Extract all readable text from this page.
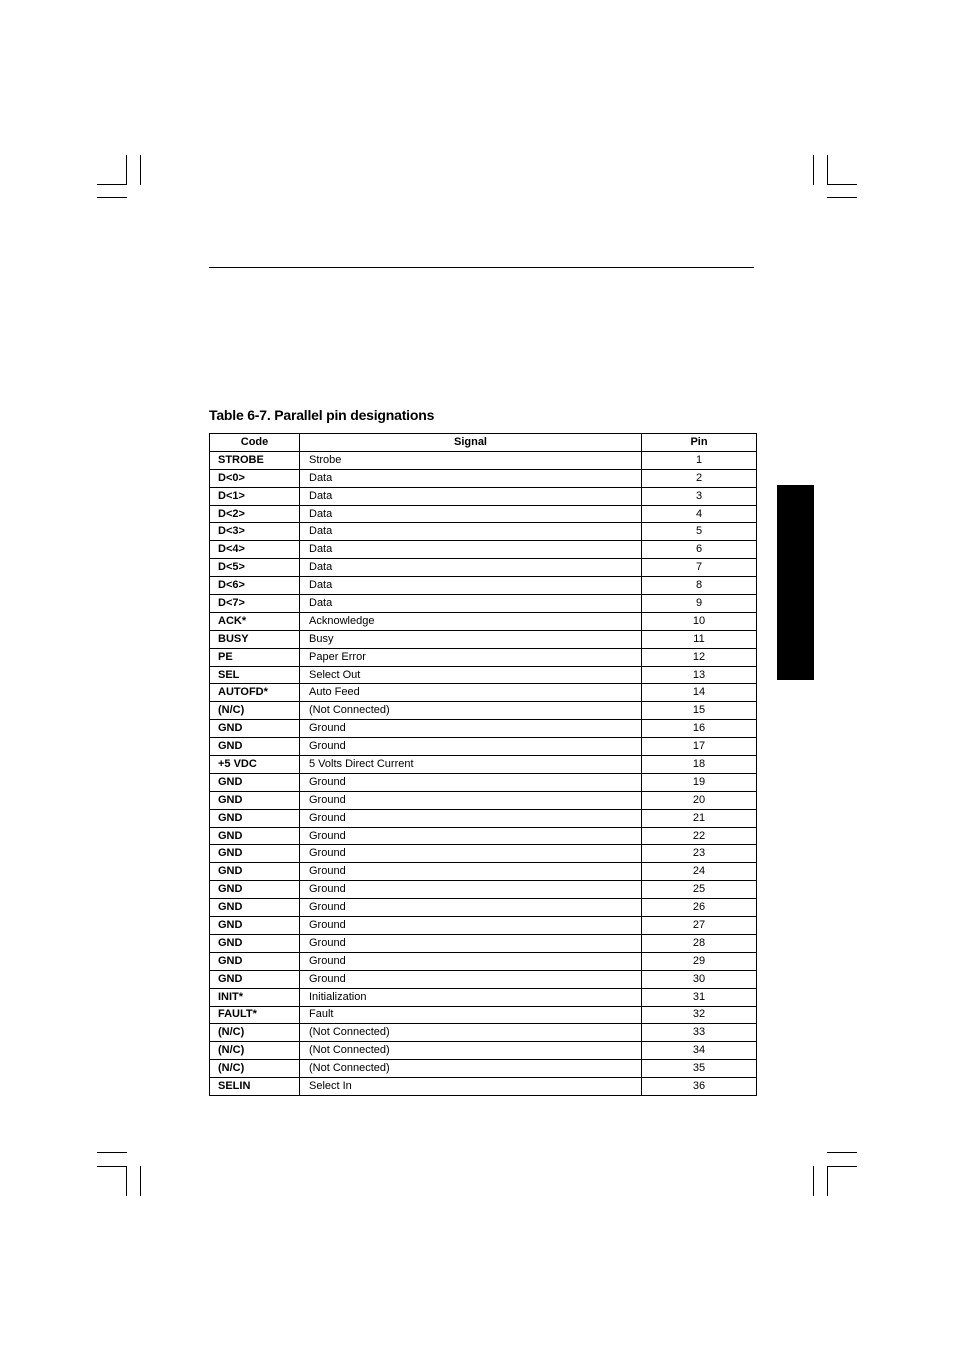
Table 6-7. Parallel pin designations
Code	Signal	Pin
STROBE	Strobe	1
D<0>	Data	2
D<1>	Data	3
D<2>	Data	4
D<3>	Data	5
D<4>	Data	6
D<5>	Data	7
D<6>	Data	8
D<7>	Data	9
ACK*	Acknowledge	10
BUSY	Busy	11
PE	Paper Error	12
SEL	Select Out	13
AUTOFD*	Auto Feed	14
(N/C)	(Not Connected)	15
GND	Ground	16
GND	Ground	17
+5 VDC	5 Volts Direct Current	18
GND	Ground	19
GND	Ground	20
GND	Ground	21
GND	Ground	22
GND	Ground	23
GND	Ground	24
GND	Ground	25
GND	Ground	26
GND	Ground	27
GND	Ground	28
GND	Ground	29
GND	Ground	30
INIT*	Initialization	31
FAULT*	Fault	32
(N/C)	(Not Connected)	33
(N/C)	(Not Connected)	34
(N/C)	(Not Connected)	35
SELIN	Select In	36
